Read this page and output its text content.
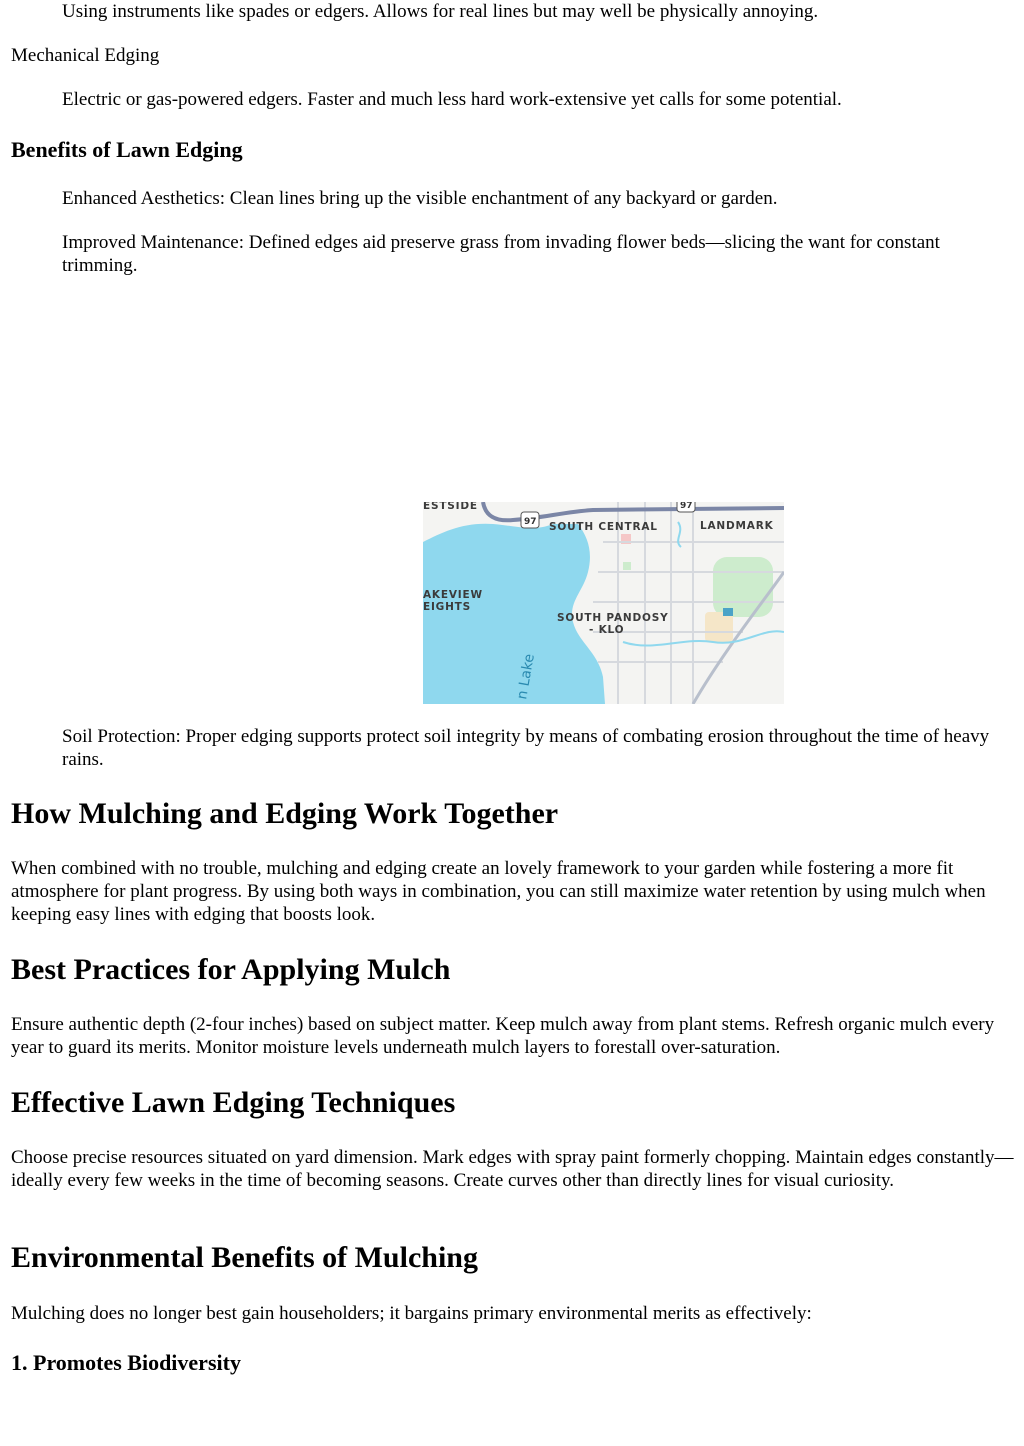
Using instruments like spades or edgers. Allows for real lines but may well be physically annoying.

Mechanical Edging

Electric or gas-powered edgers. Faster and much less hard work-extensive yet calls for some potential.

Benefits of Lawn Edging

Enhanced Aesthetics: Clean lines bring up the visible enchantment of any backyard or garden.

Improved Maintenance: Defined edges aid preserve grass from invading flower beds—slicing the want for constant trimming.

97
97
ESTSIDE
SOUTH CENTRAL	LANDMARK
AKEVIEW
EIGHTS
SOUTH PANDOSY
- KLO
n Lake

Soil Protection: Proper edging supports protect soil integrity by means of combating erosion throughout the time of heavy rains.

How Mulching and Edging Work Together

When combined with no trouble, mulching and edging create an lovely framework to your garden while fostering a more fit atmosphere for plant progress. By using both ways in combination, you can still maximize water retention by using mulch when keeping easy lines with edging that boosts look.

Best Practices for Applying Mulch

Ensure authentic depth (2-four inches) based on subject matter. Keep mulch away from plant stems. Refresh organic mulch every year to guard its merits. Monitor moisture levels underneath mulch layers to forestall over-saturation.

Effective Lawn Edging Techniques

Choose precise resources situated on yard dimension. Mark edges with spray paint formerly chopping. Maintain edges constantly—ideally every few weeks in the time of becoming seasons. Create curves other than directly lines for visual curiosity.

Environmental Benefits of Mulching

Mulching does no longer best gain householders; it bargains primary environmental merits as effectively:

1. Promotes Biodiversity
